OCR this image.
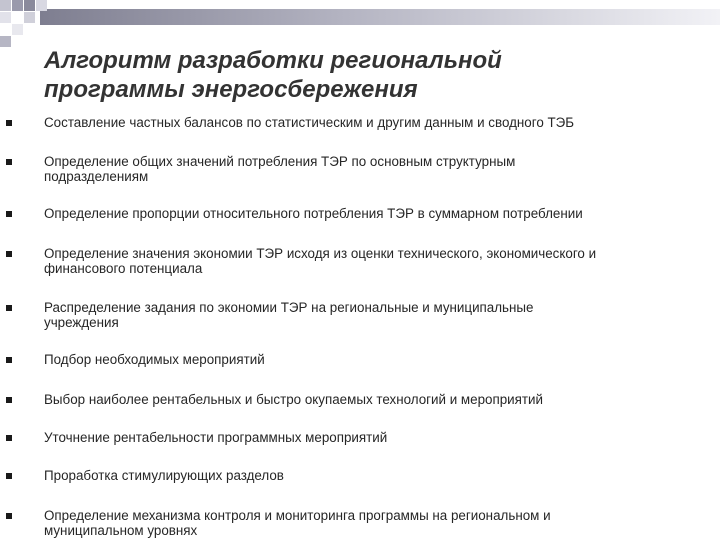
Алгоритм разработки региональной
программы энергосбережения
Составление частных балансов по статистическим и другим данным и сводного ТЭБ
Определение общих значений потребления ТЭР по основным структурным
подразделениям
Определение пропорции относительного потребления ТЭР в суммарном потреблении
Определение значения экономии ТЭР исходя из оценки технического, экономического и
финансового потенциала
Распределение задания по экономии ТЭР на региональные и муниципальные
учреждения
Подбор необходимых мероприятий
Выбор наиболее рентабельных и быстро окупаемых технологий и мероприятий
Уточнение рентабельности программных мероприятий
Проработка стимулирующих разделов
Определение механизма контроля и мониторинга программы на региональном и
муниципальном уровнях
